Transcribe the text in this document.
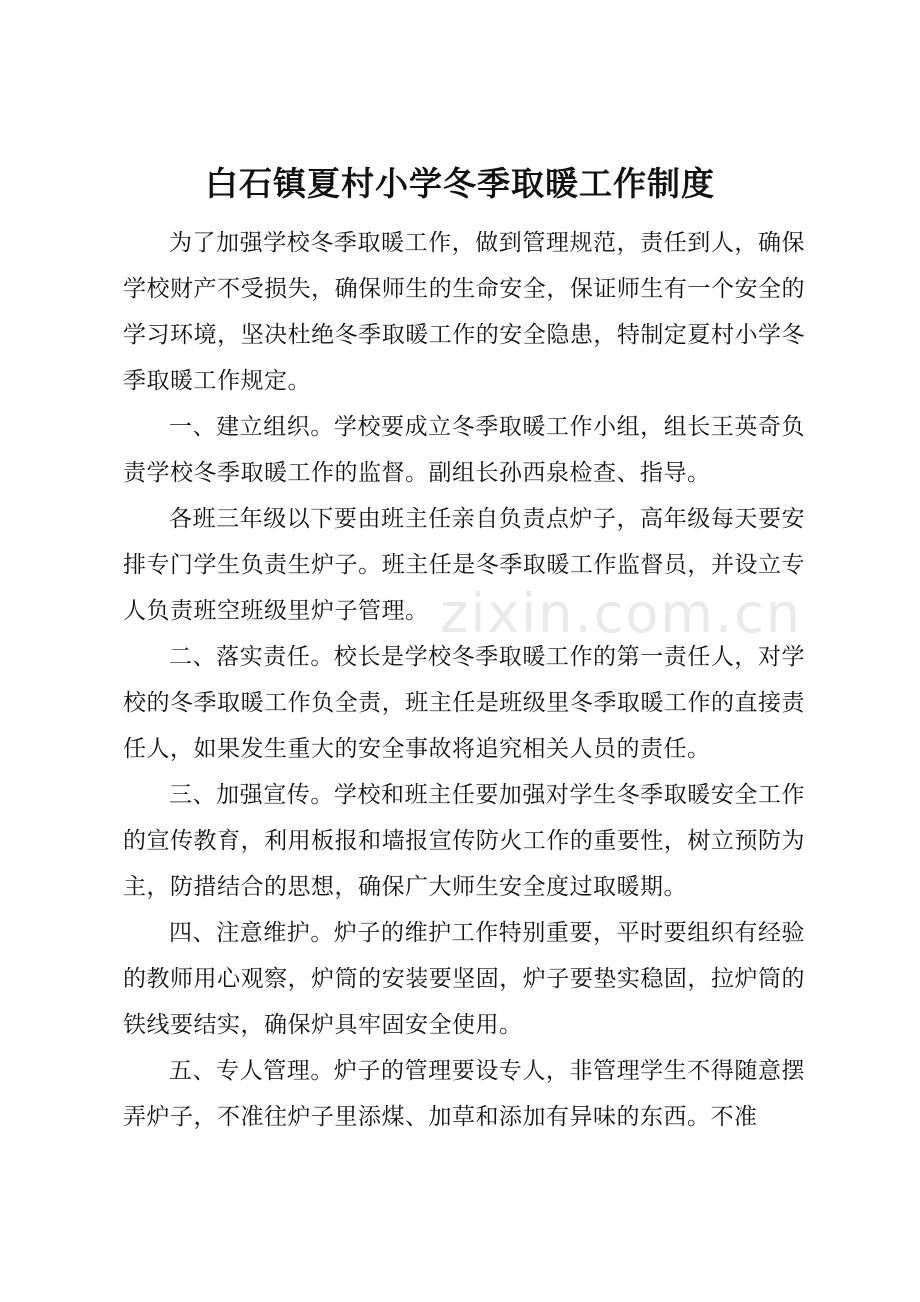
白石镇夏村小学冬季取暖工作制度
zixin.com.cn

为了加强学校冬季取暖工作，做到管理规范，责任到人，确保学校财产不受损失，确保师生的生命安全，保证师生有一个安全的学习环境，坚决杜绝冬季取暖工作的安全隐患，特制定夏村小学冬季取暖工作规定。

一、建立组织。学校要成立冬季取暖工作小组，组长王英奇负责学校冬季取暖工作的监督。副组长孙西泉检查、指导。

各班三年级以下要由班主任亲自负责点炉子，高年级每天要安排专门学生负责生炉子。班主任是冬季取暖工作监督员，并设立专人负责班空班级里炉子管理。

二、落实责任。校长是学校冬季取暖工作的第一责任人，对学校的冬季取暖工作负全责，班主任是班级里冬季取暖工作的直接责任人，如果发生重大的安全事故将追究相关人员的责任。

三、加强宣传。学校和班主任要加强对学生冬季取暖安全工作的宣传教育，利用板报和墙报宣传防火工作的重要性，树立预防为主，防措结合的思想，确保广大师生安全度过取暖期。

四、注意维护。炉子的维护工作特别重要，平时要组织有经验的教师用心观察，炉筒的安装要坚固，炉子要垫实稳固，拉炉筒的铁线要结实，确保炉具牢固安全使用。

五、专人管理。炉子的管理要设专人，非管理学生不得随意摆弄炉子，不准往炉子里添煤、加草和添加有异味的东西。不准
